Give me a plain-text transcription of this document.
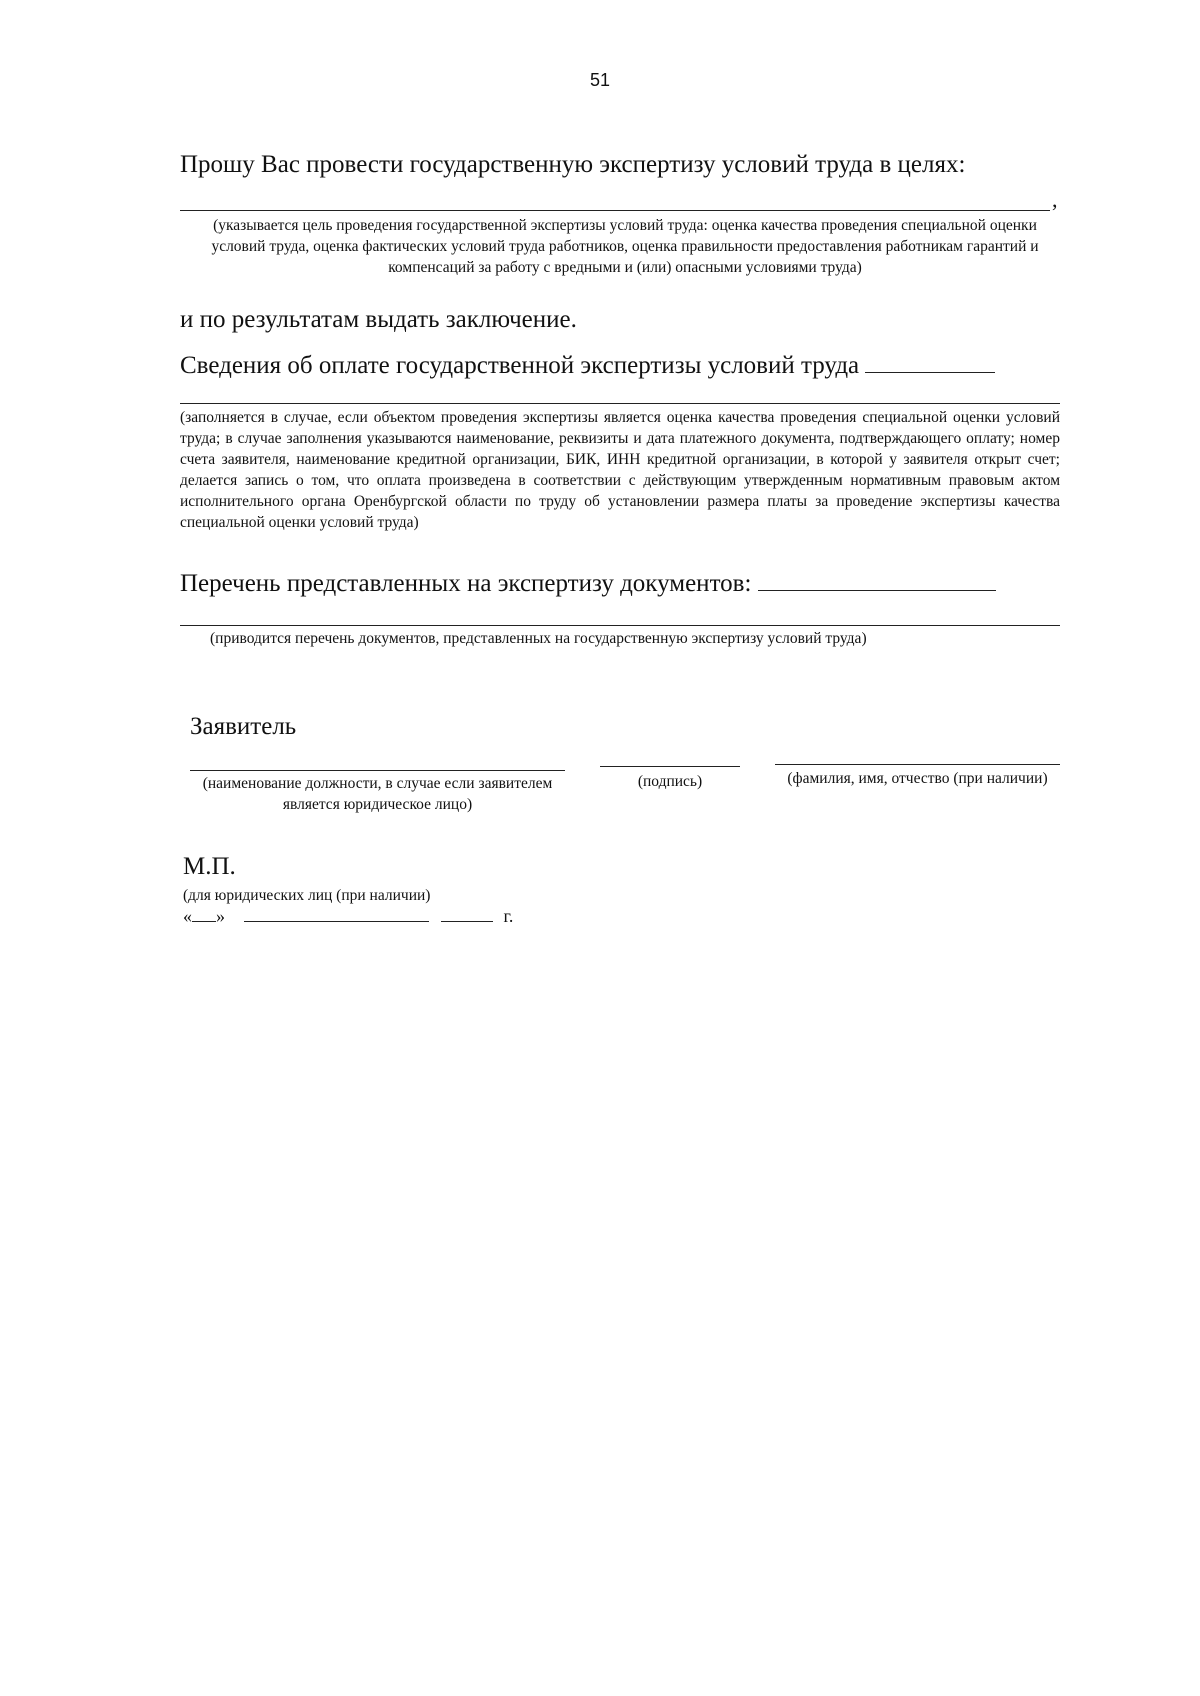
51
Прошу Вас провести государственную экспертизу условий труда в целях:
,
(указывается цель проведения государственной экспертизы условий труда: оценка качества проведения специальной оценки условий труда, оценка фактических условий труда работников, оценка правильности предоставления работникам гарантий и компенсаций за работу с вредными и (или) опасными условиями труда)
и по результатам выдать заключение.
Сведения об оплате государственной экспертизы условий труда
(заполняется в случае, если объектом проведения экспертизы является оценка качества проведения специальной оценки условий труда; в случае заполнения указываются наименование, реквизиты и дата платежного документа, подтверждающего оплату; номер счета заявителя, наименование кредитной организации, БИК, ИНН кредитной организации, в которой у заявителя открыт счет; делается запись о том, что оплата произведена в соответствии с действующим утвержденным нормативным правовым актом исполнительного органа Оренбургской области по труду об установлении размера платы за проведение экспертизы качества специальной оценки условий труда)
Перечень представленных на экспертизу документов:
(приводится перечень документов, представленных на государственную экспертизу условий труда)
Заявитель
(наименование должности, в случае если заявителем является юридическое лицо)
(подпись)	(фамилия, имя, отчество (при наличии)
М.П.
(для юридических лиц (при наличии)
« »	г.
